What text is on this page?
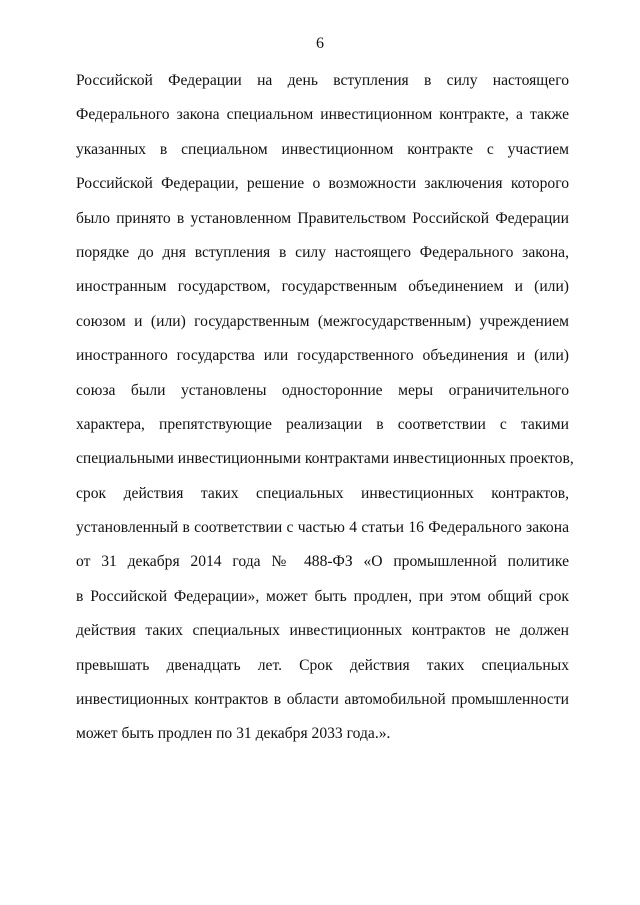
6
Российской Федерации на день вступления в силу настоящего
Федерального закона специальном инвестиционном контракте, а также
указанных в специальном инвестиционном контракте с участием
Российской Федерации, решение о возможности заключения которого
было принято в установленном Правительством Российской Федерации
порядке до дня вступления в силу настоящего Федерального закона,
иностранным государством, государственным объединением и (или)
союзом и (или) государственным (межгосударственным) учреждением
иностранного государства или государственного объединения и (или)
союза были установлены односторонние меры ограничительного
характера, препятствующие реализации в соответствии с такими
специальными инвестиционными контрактами инвестиционных проектов,
срок действия таких специальных инвестиционных контрактов,
установленный в соответствии с частью 4 статьи 16 Федерального закона
от 31 декабря 2014 года № 488-ФЗ «О промышленной политике
в Российской Федерации», может быть продлен, при этом общий срок
действия таких специальных инвестиционных контрактов не должен
превышать двенадцать лет. Срок действия таких специальных
инвестиционных контрактов в области автомобильной промышленности
может быть продлен по 31 декабря 2033 года.».
